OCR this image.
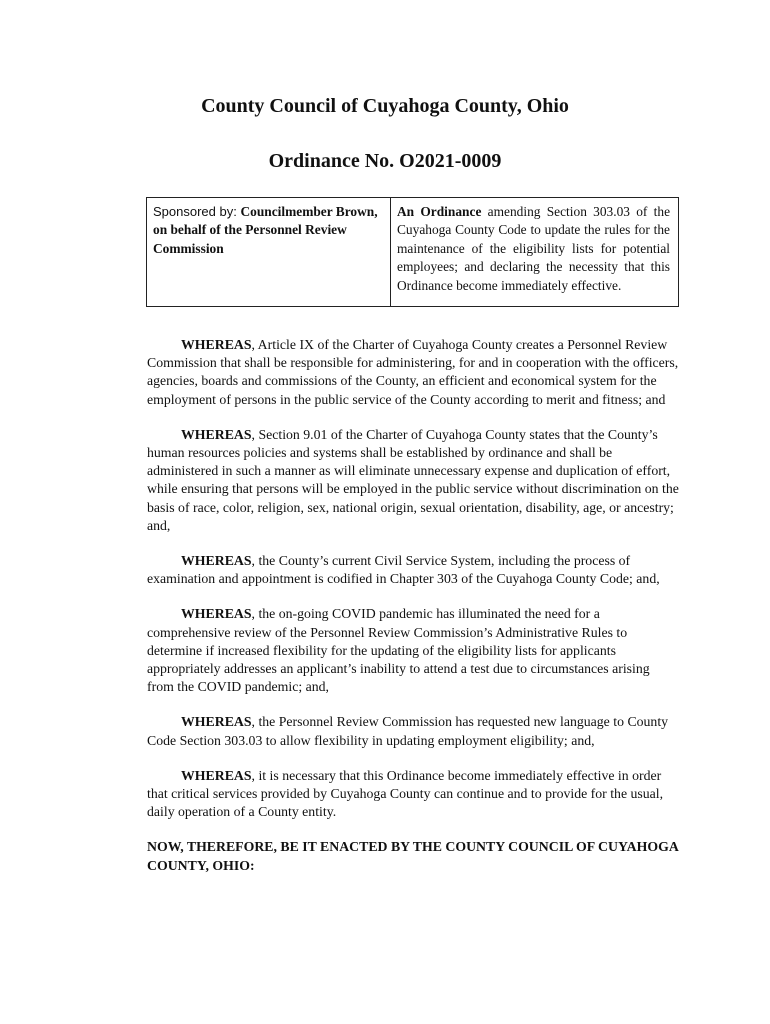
County Council of Cuyahoga County, Ohio
Ordinance No. O2021-0009
Sponsored by: Councilmember Brown, on behalf of the Personnel Review Commission
An Ordinance amending Section 303.03 of the Cuyahoga County Code to update the rules for the maintenance of the eligibility lists for potential employees; and declaring the necessity that this Ordinance become immediately effective.

WHEREAS, Article IX of the Charter of Cuyahoga County creates a Personnel Review Commission that shall be responsible for administering, for and in cooperation with the officers, agencies, boards and commissions of the County, an efficient and economical system for the employment of persons in the public service of the County according to merit and fitness; and

WHEREAS, Section 9.01 of the Charter of Cuyahoga County states that the County’s human resources policies and systems shall be established by ordinance and shall be administered in such a manner as will eliminate unnecessary expense and duplication of effort, while ensuring that persons will be employed in the public service without discrimination on the basis of race, color, religion, sex, national origin, sexual orientation, disability, age, or ancestry; and,

WHEREAS, the County’s current Civil Service System, including the process of examination and appointment is codified in Chapter 303 of the Cuyahoga County Code; and,

WHEREAS, the on-going COVID pandemic has illuminated the need for a comprehensive review of the Personnel Review Commission’s Administrative Rules to determine if increased flexibility for the updating of the eligibility lists for applicants appropriately addresses an applicant’s inability to attend a test due to circumstances arising from the COVID pandemic; and,

WHEREAS, the Personnel Review Commission has requested new language to County Code Section 303.03 to allow flexibility in updating employment eligibility; and,

WHEREAS, it is necessary that this Ordinance become immediately effective in order that critical services provided by Cuyahoga County can continue and to provide for the usual, daily operation of a County entity.

NOW, THEREFORE, BE IT ENACTED BY THE COUNTY COUNCIL OF CUYAHOGA COUNTY, OHIO:
